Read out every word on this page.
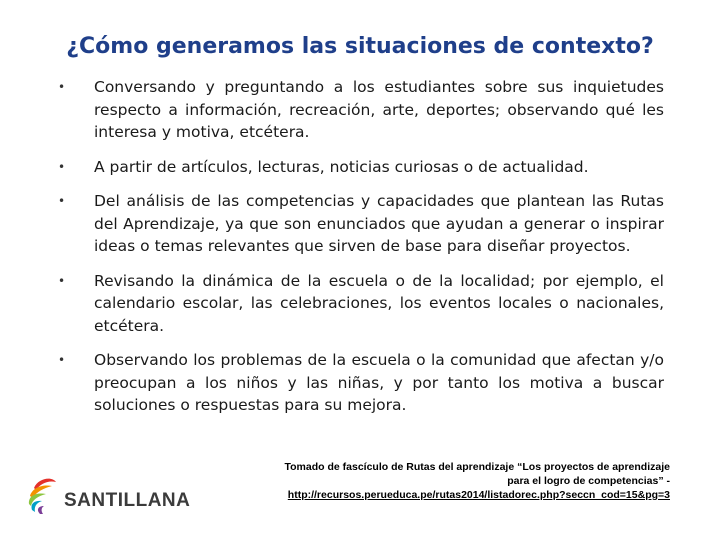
¿Cómo generamos las situaciones de contexto?
•	Conversando y preguntando a los estudiantes sobre sus inquietudes respecto a información, recreación, arte, deportes; observando qué les interesa y motiva, etcétera.
•	A partir de artículos, lecturas, noticias curiosas o de actualidad.
•	Del análisis de las competencias y capacidades que plantean las Rutas del Aprendizaje, ya que son enunciados que ayudan a generar o inspirar ideas o temas relevantes que sirven de base para diseñar proyectos.
•	Revisando la dinámica de la escuela o de la localidad; por ejemplo, el calendario escolar, las celebraciones, los eventos locales o nacionales, etcétera.
•	Observando los problemas de la escuela o la comunidad que afectan y/o preocupan a los niños y las niñas, y por tanto los motiva a buscar soluciones o respuestas para su mejora.
Tomado de fascículo de Rutas del aprendizaje “Los proyectos de aprendizaje
para el logro de competencias” -
http://recursos.perueduca.pe/rutas2014/listadorec.php?seccn_cod=15&pg=3
SANTILLANA
